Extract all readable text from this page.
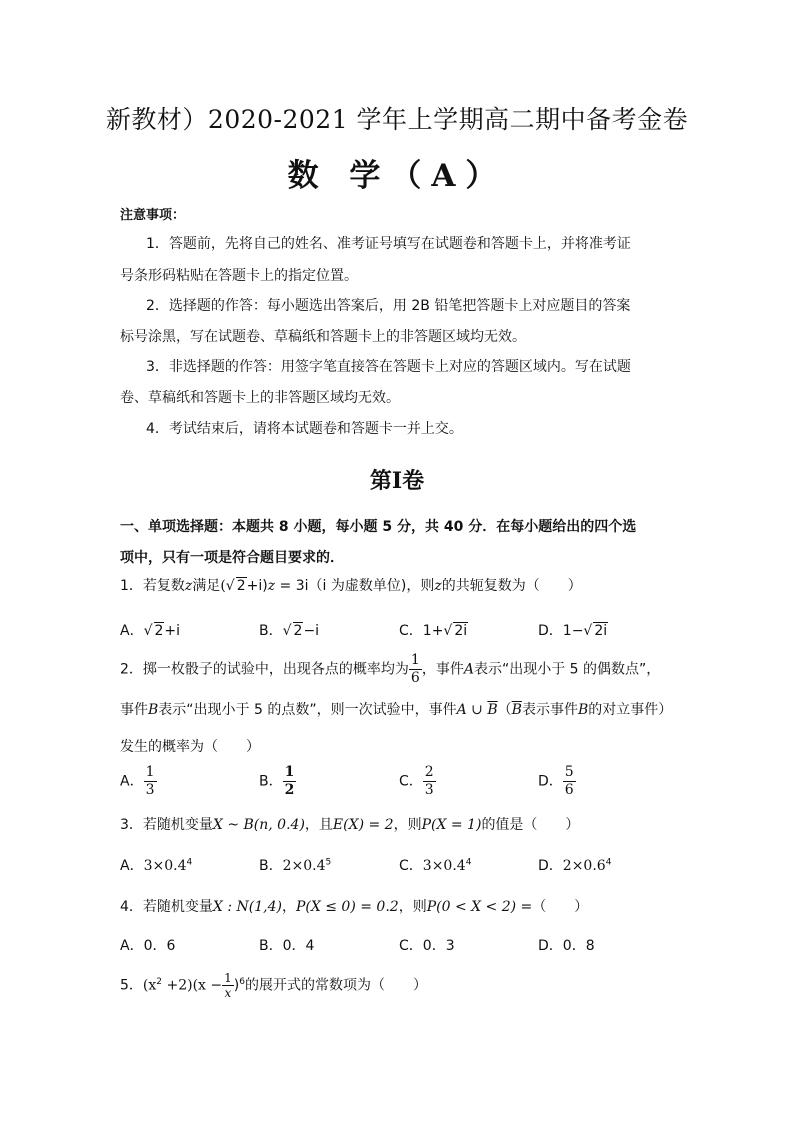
新教材）2020-2021 学年上学期高二期中备考金卷
数 学（A）
注意事项：
1．答题前，先将自己的姓名、准考证号填写在试题卷和答题卡上，并将准考证
号条形码粘贴在答题卡上的指定位置。
2．选择题的作答：每小题选出答案后，用 2B 铅笔把答题卡上对应题目的答案
标号涂黑，写在试题卷、草稿纸和答题卡上的非答题区域均无效。
3．非选择题的作答：用签字笔直接答在答题卡上对应的答题区域内。写在试题
卷、草稿纸和答题卡上的非答题区域均无效。
4．考试结束后，请将本试题卷和答题卡一并上交。
第Ⅰ卷
一、单项选择题：本题共 8 小题，每小题 5 分，共 40 分．在每小题给出的四个选
项中，只有一项是符合题目要求的．
1．若复数z满足(√ 2+i)z = 3i（i 为虚数单位)，则z的共轭复数为（　　）
A．√ 2+i	B．√ 2−i	C．1+√ 2i	D．1−√ 2i
2．掷一枚骰子的试验中，出现各点的概率均为 $\frac{1}{6}$ ，事件A表示“出现小于 5 的偶数点”，
事件B表示“出现小于 5 的点数”，则一次试验中，事件A ∪ $\overline{B}(\overline{B}$表示事件B的对立事件）
发生的概率为（　　）
A． $\frac{1}{3}$	B． $\frac{1}{2}$	C． $\frac{2}{3}$	D． $\frac{5}{6}$
3．若随机变量X ~ B(n, 0.4)，且E(X) = 2，则P(X = 1)的值是（　　）
A．$3\times 0.4^4$	B．$2\times 0.4^5$	C．$3\times 0.4^4$	D．$2\times 0.6^4$
4．若随机变量X : N(1,4)，P(X ≤ 0) = 0.2，则P(0 < X < 2) =（　　）
A．0．6	B．0．4	C．0．3	D．0．8
5．$(x^2 +2)(x - \frac{1}{x} )^6$的展开式的常数项为（　　）
